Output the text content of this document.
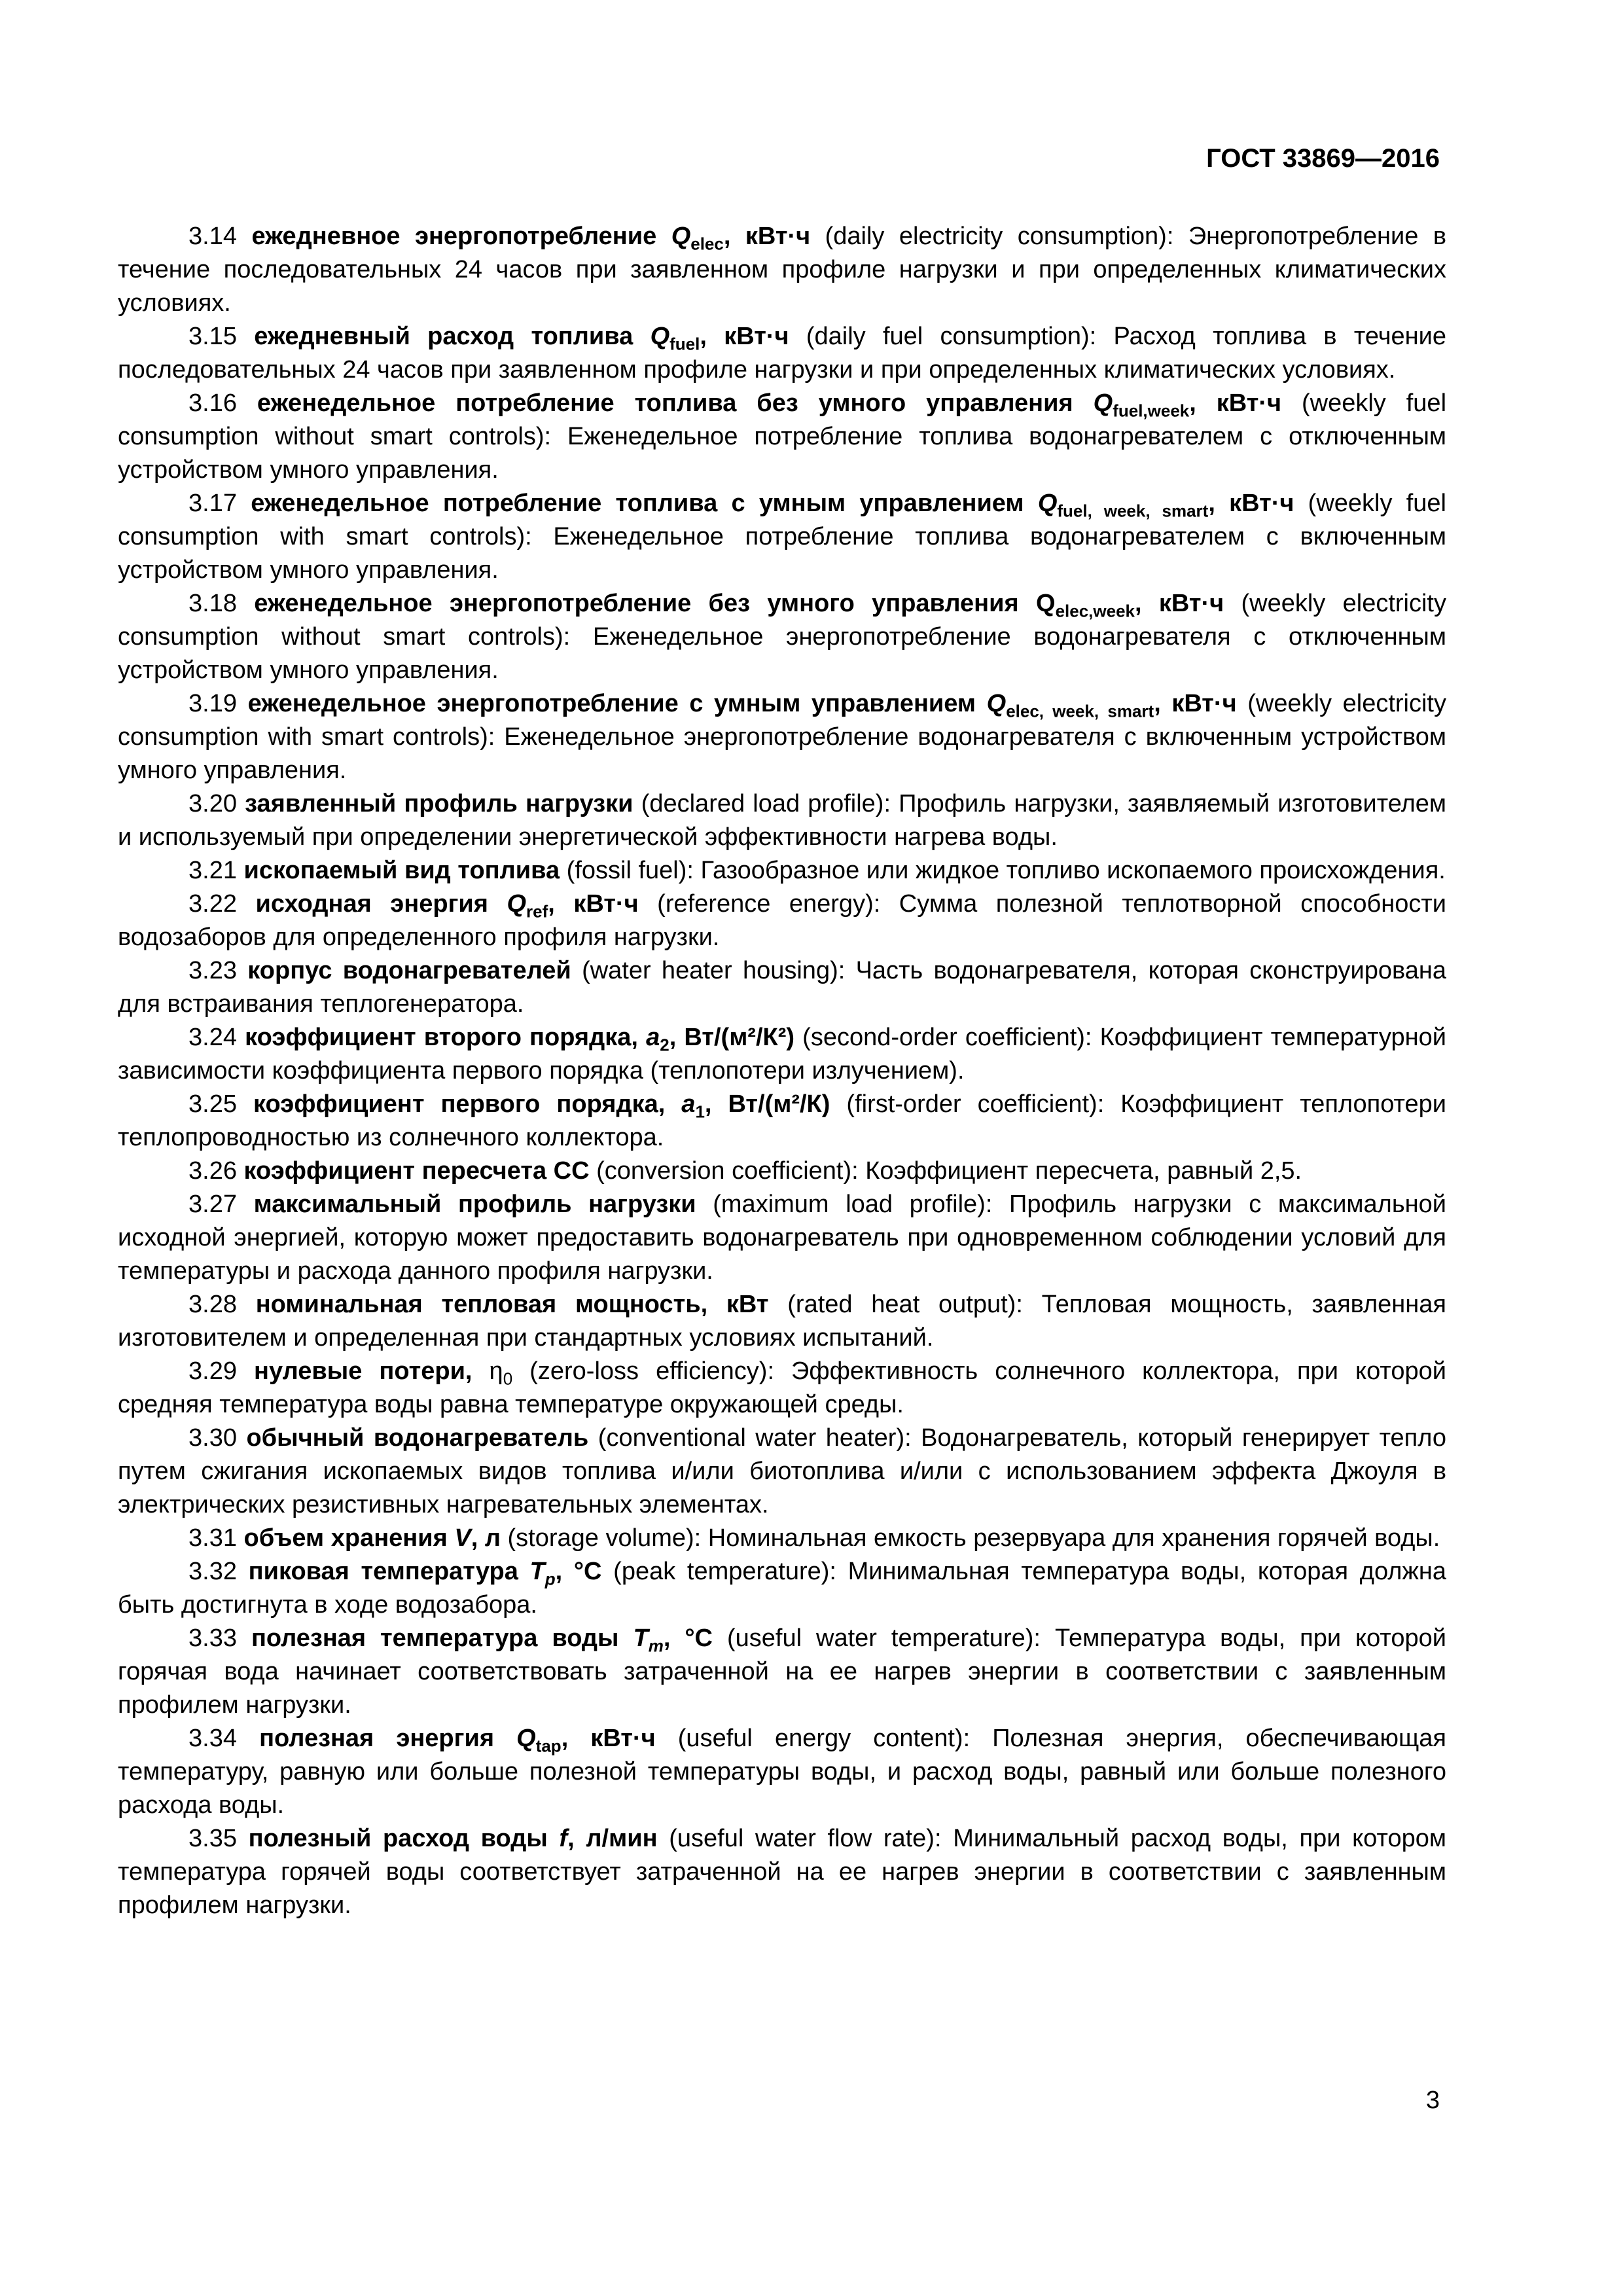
ГОСТ 33869—2016

3.14 ежедневное энергопотребление $Q_{elec}$, кВт·ч (daily electricity consumption): Энергопотребление в течение последовательных 24 часов при заявленном профиле нагрузки и при определенных климатических условиях.

3.15 ежедневный расход топлива $Q_{fuel}$, кВт·ч (daily fuel consumption): Расход топлива в течение последовательных 24 часов при заявленном профиле нагрузки и при определенных климатических условиях.

3.16 еженедельное потребление топлива без умного управления $Q_{fuel,week}$, кВт·ч (weekly fuel consumption without smart controls): Еженедельное потребление топлива водонагревателем с отключенным устройством умного управления.

3.17 еженедельное потребление топлива с умным управлением $Q_{fuel, week, smart}$, кВт·ч (weekly fuel consumption with smart controls): Еженедельное потребление топлива водонагревателем с включенным устройством умного управления.

3.18 еженедельное энергопотребление без умного управления $Q_{elec,week}$, кВт·ч (weekly electricity consumption without smart controls): Еженедельное энергопотребление водонагревателя с отключенным устройством умного управления.

3.19 еженедельное энергопотребление с умным управлением $Q_{elec, week, smart}$, кВт·ч (weekly electricity consumption with smart controls): Еженедельное энергопотребление водонагревателя с включенным устройством умного управления.

3.20 заявленный профиль нагрузки (declared load profile): Профиль нагрузки, заявляемый изготовителем и используемый при определении энергетической эффективности нагрева воды.

3.21 ископаемый вид топлива (fossil fuel): Газообразное или жидкое топливо ископаемого происхождения.

3.22 исходная энергия $Q_{ref}$, кВт·ч (reference energy): Сумма полезной теплотворной способности водозаборов для определенного профиля нагрузки.

3.23 корпус водонагревателей (water heater housing): Часть водонагревателя, которая сконструирована для встраивания теплогенератора.

3.24 коэффициент второго порядка, $a_2$, Вт/(м²/К²) (second-order coefficient): Коэффициент температурной зависимости коэффициента первого порядка (теплопотери излучением).

3.25 коэффициент первого порядка, $a_1$, Вт/(м²/К) (first-order coefficient): Коэффициент теплопотери теплопроводностью из солнечного коллектора.

3.26 коэффициент пересчета СС (conversion coefficient): Коэффициент пересчета, равный 2,5.

3.27 максимальный профиль нагрузки (maximum load profile): Профиль нагрузки с максимальной исходной энергией, которую может предоставить водонагреватель при одновременном соблюдении условий для температуры и расхода данного профиля нагрузки.

3.28 номинальная тепловая мощность, кВт (rated heat output): Тепловая мощность, заявленная изготовителем и определенная при стандартных условиях испытаний.

3.29 нулевые потери, $\eta_0$ (zero-loss efficiency): Эффективность солнечного коллектора, при которой средняя температура воды равна температуре окружающей среды.

3.30 обычный водонагреватель (conventional water heater): Водонагреватель, который генерирует тепло путем сжигания ископаемых видов топлива и/или биотоплива и/или с использованием эффекта Джоуля в электрических резистивных нагревательных элементах.

3.31 объем хранения V, л (storage volume): Номинальная емкость резервуара для хранения горячей воды.

3.32 пиковая температура $T_p$, °С (peak temperature): Минимальная температура воды, которая должна быть достигнута в ходе водозабора.

3.33 полезная температура воды $T_m$, °С (useful water temperature): Температура воды, при которой горячая вода начинает соответствовать затраченной на ее нагрев энергии в соответствии с заявленным профилем нагрузки.

3.34 полезная энергия $Q_{tap}$, кВт·ч (useful energy content): Полезная энергия, обеспечивающая температуру, равную или больше полезной температуры воды, и расход воды, равный или больше полезного расхода воды.

3.35 полезный расход воды f, л/мин (useful water flow rate): Минимальный расход воды, при котором температура горячей воды соответствует затраченной на ее нагрев энергии в соответствии с заявленным профилем нагрузки.

3
